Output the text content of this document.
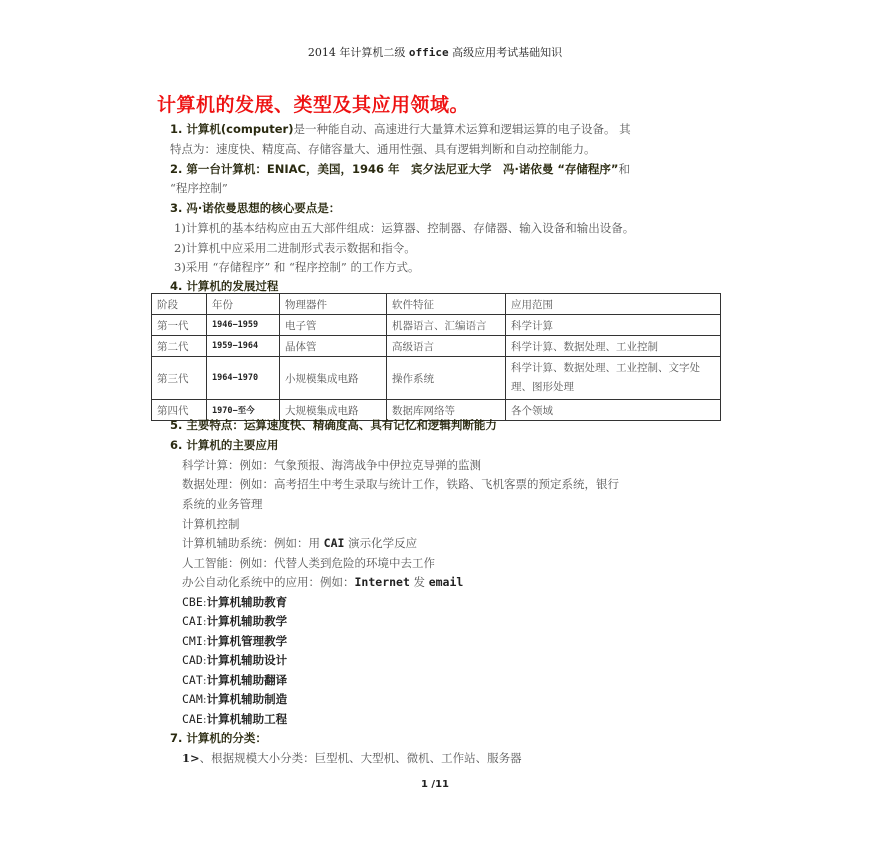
2014 年计算机二级 office 高级应用考试基础知识
计算机的发展、类型及其应用领域。
1. 计算机(computer)是一种能自动、高速进行大量算术运算和逻辑运算的电子设备。 其
特点为：速度快、精度高、存储容量大、通用性强、具有逻辑判断和自动控制能力。
2. 第一台计算机：ENIAC，美国，1946 年　宾夕法尼亚大学　冯·诺依曼 “存储程序”和
“程序控制”
3. 冯·诺依曼思想的核心要点是：
1)计算机的基本结构应由五大部件组成：运算器、控制器、存储器、输入设备和输出设备。
2)计算机中应采用二进制形式表示数据和指令。
3)采用 “存储程序” 和 “程序控制” 的工作方式。
4. 计算机的发展过程
阶段	年份	物理器件	软件特征	应用范围
第一代	1946−1959	电子管	机器语言、汇编语言	科学计算
第二代	1959−1964	晶体管	高级语言	科学计算、数据处理、工业控制
第三代	1964−1970	小规模集成电路	操作系统	科学计算、数据处理、工业控制、文字处理、图形处理
第四代	1970−至今	大规模集成电路	数据库网络等	各个领域
5. 主要特点：运算速度快、精确度高、具有记忆和逻辑判断能力
6. 计算机的主要应用
科学计算：例如：气象预报、海湾战争中伊拉克导弹的监测
数据处理：例如：高考招生中考生录取与统计工作，铁路、飞机客票的预定系统，银行
系统的业务管理
计算机控制
计算机辅助系统：例如：用 CAI 演示化学反应
人工智能：例如：代替人类到危险的环境中去工作
办公自动化系统中的应用：例如：Internet 发 email
CBE:计算机辅助教育
CAI:计算机辅助教学
CMI:计算机管理教学
CAD:计算机辅助设计
CAT:计算机辅助翻译
CAM:计算机辅助制造
CAE:计算机辅助工程
7. 计算机的分类：
1>、根据规模大小分类：巨型机、大型机、微机、工作站、服务器
1 /11
